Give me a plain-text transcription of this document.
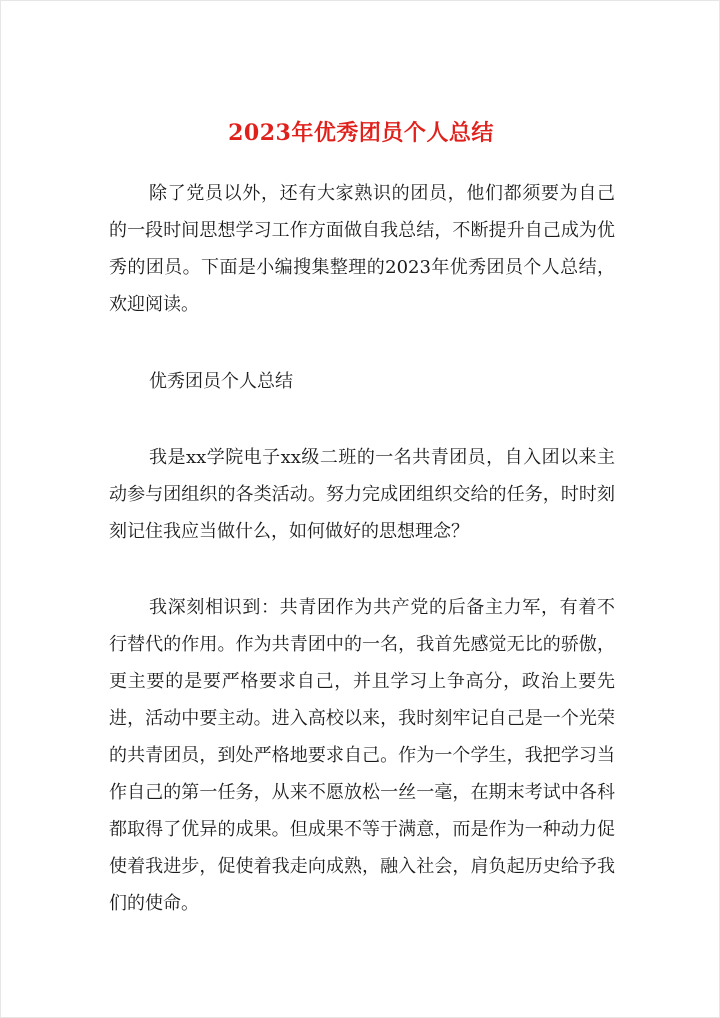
2023年优秀团员个人总结

除了党员以外，还有大家熟识的团员，他们都须要为自己的一段时间思想学习工作方面做自我总结，不断提升自己成为优秀的团员。下面是小编搜集整理的2023年优秀团员个人总结，欢迎阅读。

优秀团员个人总结

我是xx学院电子xx级二班的一名共青团员，自入团以来主动参与团组织的各类活动。努力完成团组织交给的任务，时时刻刻记住我应当做什么，如何做好的思想理念？

我深刻相识到：共青团作为共产党的后备主力军，有着不行替代的作用。作为共青团中的一名，我首先感觉无比的骄傲，更主要的是要严格要求自己，并且学习上争高分，政治上要先进，活动中要主动。进入高校以来，我时刻牢记自己是一个光荣的共青团员，到处严格地要求自己。作为一个学生，我把学习当作自己的第一任务，从来不愿放松一丝一毫，在期末考试中各科都取得了优异的成果。但成果不等于满意，而是作为一种动力促使着我进步，促使着我走向成熟，融入社会，肩负起历史给予我们的使命。
